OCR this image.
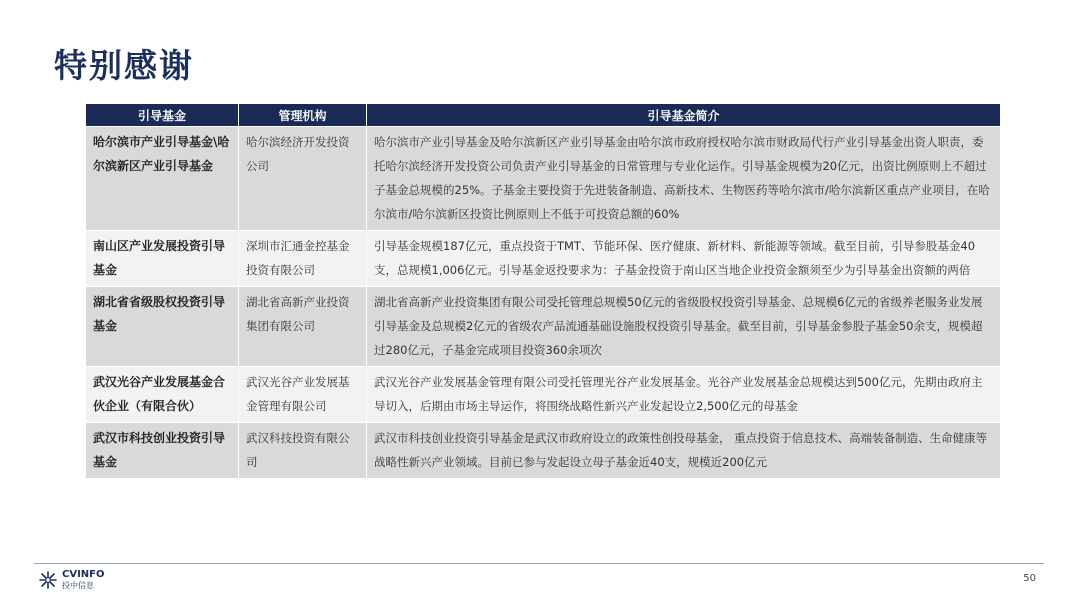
特别感谢
引导基金	管理机构	引导基金简介
哈尔滨市产业引导基金\哈尔滨新区产业引导基金	哈尔滨经济开发投资公司	哈尔滨市产业引导基金及哈尔滨新区产业引导基金由哈尔滨市政府授权哈尔滨市财政局代行产业引导基金出资人职责，委托哈尔滨经济开发投资公司负责产业引导基金的日常管理与专业化运作。引导基金规模为20亿元，出资比例原则上不超过子基金总规模的25%。子基金主要投资于先进装备制造、高新技术、生物医药等哈尔滨市/哈尔滨新区重点产业项目，在哈尔滨市/哈尔滨新区投资比例原则上不低于可投资总额的60%
南山区产业发展投资引导基金	深圳市汇通金控基金投资有限公司	引导基金规模187亿元，重点投资于TMT、节能环保、医疗健康、新材料、新能源等领域。截至目前，引导参股基金40支，总规模1,006亿元。引导基金返投要求为：子基金投资于南山区当地企业投资金额须至少为引导基金出资额的两倍
湖北省省级股权投资引导基金	湖北省高新产业投资集团有限公司	湖北省高新产业投资集团有限公司受托管理总规模50亿元的省级股权投资引导基金、总规模6亿元的省级养老服务业发展引导基金及总规模2亿元的省级农产品流通基础设施股权投资引导基金。截至目前，引导基金参股子基金50余支，规模超过280亿元，子基金完成项目投资360余项次
武汉光谷产业发展基金合伙企业（有限合伙）	武汉光谷产业发展基金管理有限公司	武汉光谷产业发展基金管理有限公司受托管理光谷产业发展基金。光谷产业发展基金总规模达到500亿元，先期由政府主导切入，后期由市场主导运作，将围绕战略性新兴产业发起设立2,500亿元的母基金
武汉市科技创业投资引导基金	武汉科技投资有限公司	武汉市科技创业投资引导基金是武汉市政府设立的政策性创投母基金， 重点投资于信息技术、高端装备制造、生命健康等战略性新兴产业领域。目前已参与发起设立母子基金近40支，规模近200亿元
CVINFO
投中信息
50
